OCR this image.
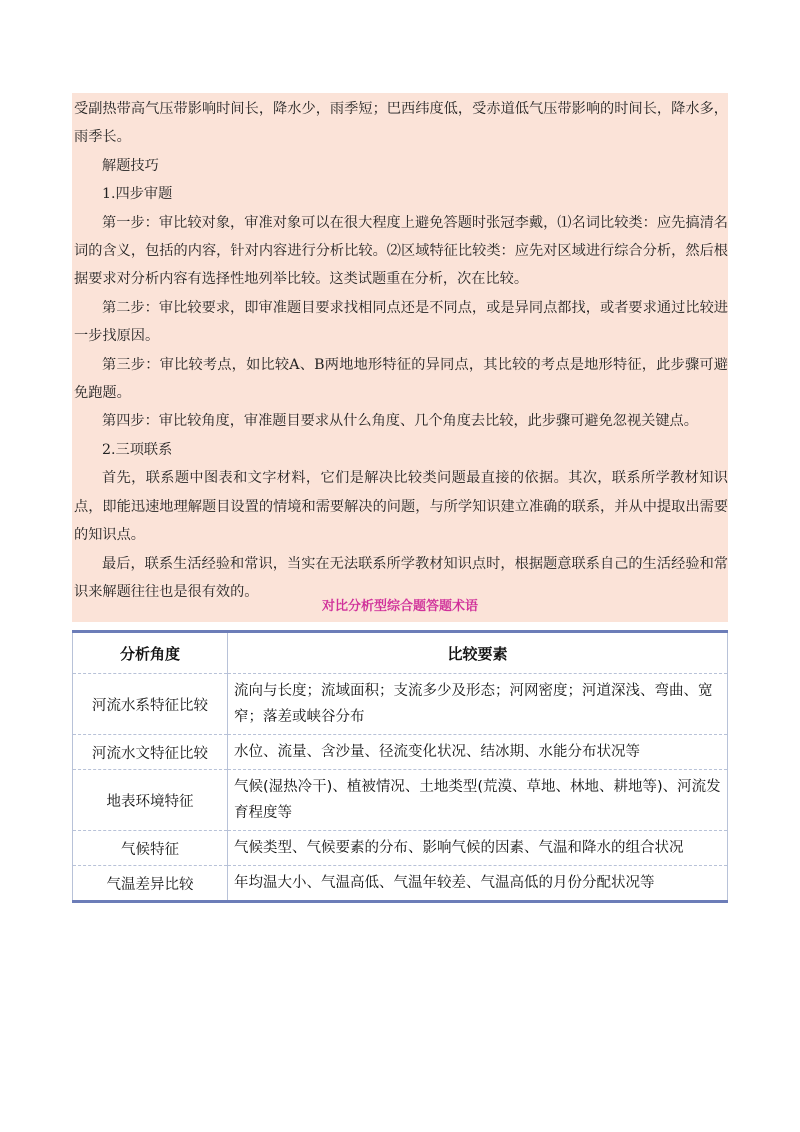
受副热带高气压带影响时间长，降水少，雨季短；巴西纬度低，受赤道低气压带影响的时间长，降水多，雨季长。

解题技巧

1.四步审题

第一步：审比较对象，审准对象可以在很大程度上避免答题时张冠李戴，⑴名词比较类：应先搞清名词的含义，包括的内容，针对内容进行分析比较。⑵区域特征比较类：应先对区域进行综合分析，然后根据要求对分析内容有选择性地列举比较。这类试题重在分析，次在比较。

第二步：审比较要求，即审准题目要求找相同点还是不同点，或是异同点都找，或者要求通过比较进一步找原因。

第三步：审比较考点，如比较A、B两地地形特征的异同点，其比较的考点是地形特征，此步骤可避免跑题。

第四步：审比较角度，审准题目要求从什么角度、几个角度去比较，此步骤可避免忽视关键点。

2.三项联系

首先，联系题中图表和文字材料，它们是解决比较类问题最直接的依据。其次，联系所学教材知识点，即能迅速地理解题目设置的情境和需要解决的问题，与所学知识建立准确的联系，并从中提取出需要的知识点。

最后，联系生活经验和常识，当实在无法联系所学教材知识点时，根据题意联系自己的生活经验和常识来解题往往也是很有效的。

对比分析型综合题答题术语
分析角度	比较要素
河流水系特征比较	流向与长度；流域面积；支流多少及形态；河网密度；河道深浅、弯曲、宽窄；落差或峡谷分布
河流水文特征比较	水位、流量、含沙量、径流变化状况、结冰期、水能分布状况等
地表环境特征	气候(湿热冷干)、植被情况、土地类型(荒漠、草地、林地、耕地等)、河流发育程度等
气候特征	气候类型、气候要素的分布、影响气候的因素、气温和降水的组合状况
气温差异比较	年均温大小、气温高低、气温年较差、气温高低的月份分配状况等
